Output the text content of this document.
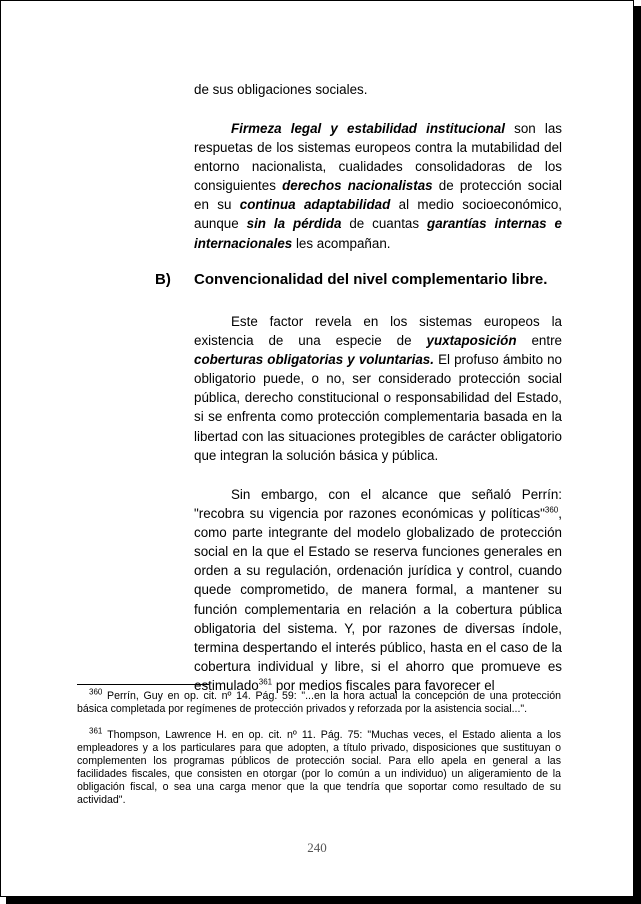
de sus obligaciones sociales.
Firmeza legal y estabilidad institucional son las respuetas de los sistemas europeos contra la mutabilidad del entorno nacionalista, cualidades consolidadoras de los consiguientes derechos nacionalistas de protección social en su continua adaptabilidad al medio socioeconómico, aunque sin la pérdida de cuantas garantías internas e internacionales les acompañan.
B) Convencionalidad del nivel complementario libre.
Este factor revela en los sistemas europeos la existencia de una especie de yuxtaposición entre coberturas obligatorias y voluntarias. El profuso ámbito no obligatorio puede, o no, ser considerado protección social pública, derecho constitucional o responsabilidad del Estado, si se enfrenta como protección complementaria basada en la libertad con las situaciones protegibles de carácter obligatorio que integran la solución básica y pública.
Sin embargo, con el alcance que señaló Perrín: "recobra su vigencia por razones económicas y políticas"$^{360}$, como parte integrante del modelo globalizado de protección social en la que el Estado se reserva funciones generales en orden a su regulación, ordenación jurídica y control, cuando quede comprometido, de manera formal, a mantener su función complementaria en relación a la cobertura pública obligatoria del sistema. Y, por razones de diversas índole, termina despertando el interés público, hasta en el caso de la cobertura individual y libre, si el ahorro que promueve es estimulado$^{361}$ por medios fiscales para favorecer el
$^{360}$ Perrín, Guy en op. cit. nº 14. Pág. 59: "...en la hora actual la concepción de una protección básica completada por regímenes de protección privados y reforzada por la asistencia social...".
$^{361}$ Thompson, Lawrence H. en op. cit. nº 11. Pág. 75: "Muchas veces, el Estado alienta a los empleadores y a los particulares para que adopten, a título privado, disposiciones que sustituyan o complementen los programas públicos de protección social. Para ello apela en general a las facilidades fiscales, que consisten en otorgar (por lo común a un individuo) un aligeramiento de la obligación fiscal, o sea una carga menor que la que tendría que soportar como resultado de su actividad".
240
